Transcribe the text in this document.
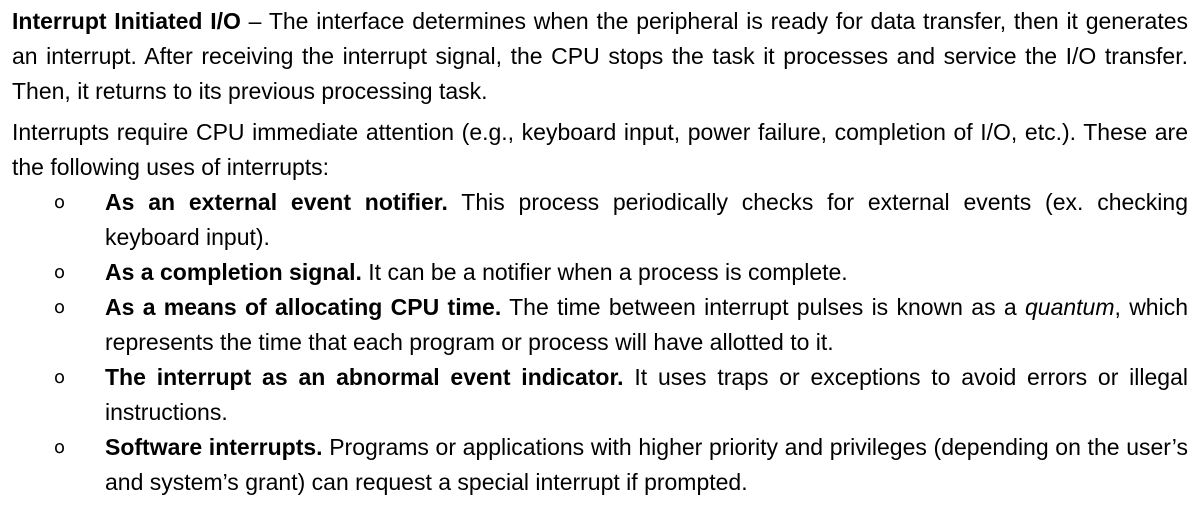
Interrupt Initiated I/O – The interface determines when the peripheral is ready for data transfer, then it generates an interrupt. After receiving the interrupt signal, the CPU stops the task it processes and service the I/O transfer. Then, it returns to its previous processing task.

Interrupts require CPU immediate attention (e.g., keyboard input, power failure, completion of I/O, etc.). These are the following uses of interrupts:

o As an external event notifier. This process periodically checks for external events (ex. checking keyboard input).
o As a completion signal. It can be a notifier when a process is complete.
o As a means of allocating CPU time. The time between interrupt pulses is known as a quantum, which represents the time that each program or process will have allotted to it.
o The interrupt as an abnormal event indicator. It uses traps or exceptions to avoid errors or illegal instructions.
o Software interrupts. Programs or applications with higher priority and privileges (depending on the user’s and system’s grant) can request a special interrupt if prompted.
